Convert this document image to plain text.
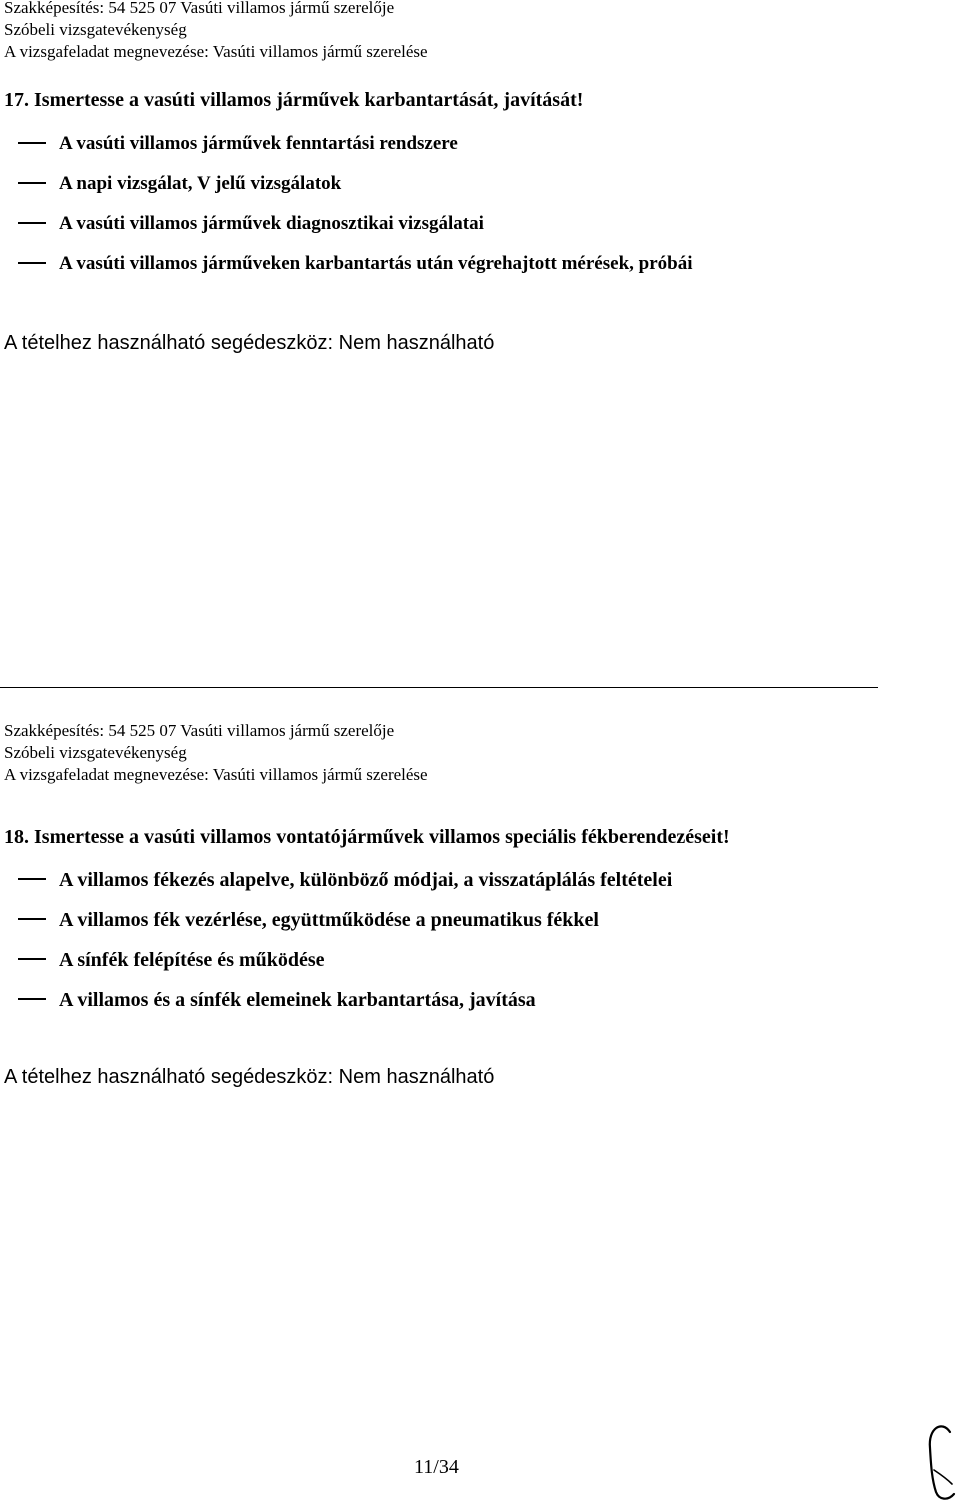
Szakképesítés: 54 525 07 Vasúti villamos jármű szerelője
Szóbeli vizsgatevékenység
A vizsgafeladat megnevezése: Vasúti villamos jármű szerelése
17. Ismertesse a vasúti villamos járművek karbantartását, javítását!
A vasúti villamos járművek fenntartási rendszere
A napi vizsgálat, V jelű vizsgálatok
A vasúti villamos járművek diagnosztikai vizsgálatai
A vasúti villamos járműveken karbantartás után végrehajtott mérések, próbái
A tételhez használható segédeszköz: Nem használható
Szakképesítés: 54 525 07 Vasúti villamos jármű szerelője
Szóbeli vizsgatevékenység
A vizsgafeladat megnevezése: Vasúti villamos jármű szerelése
18. Ismertesse a vasúti villamos vontatójárművek villamos speciális fékberendezéseit!
A villamos fékezés alapelve, különböző módjai, a visszatáplálás feltételei
A villamos fék vezérlése, együttműködése a pneumatikus fékkel
A sínfék felépítése és működése
A villamos és a sínfék elemeinek karbantartása, javítása
A tételhez használható segédeszköz: Nem használható
11/34
